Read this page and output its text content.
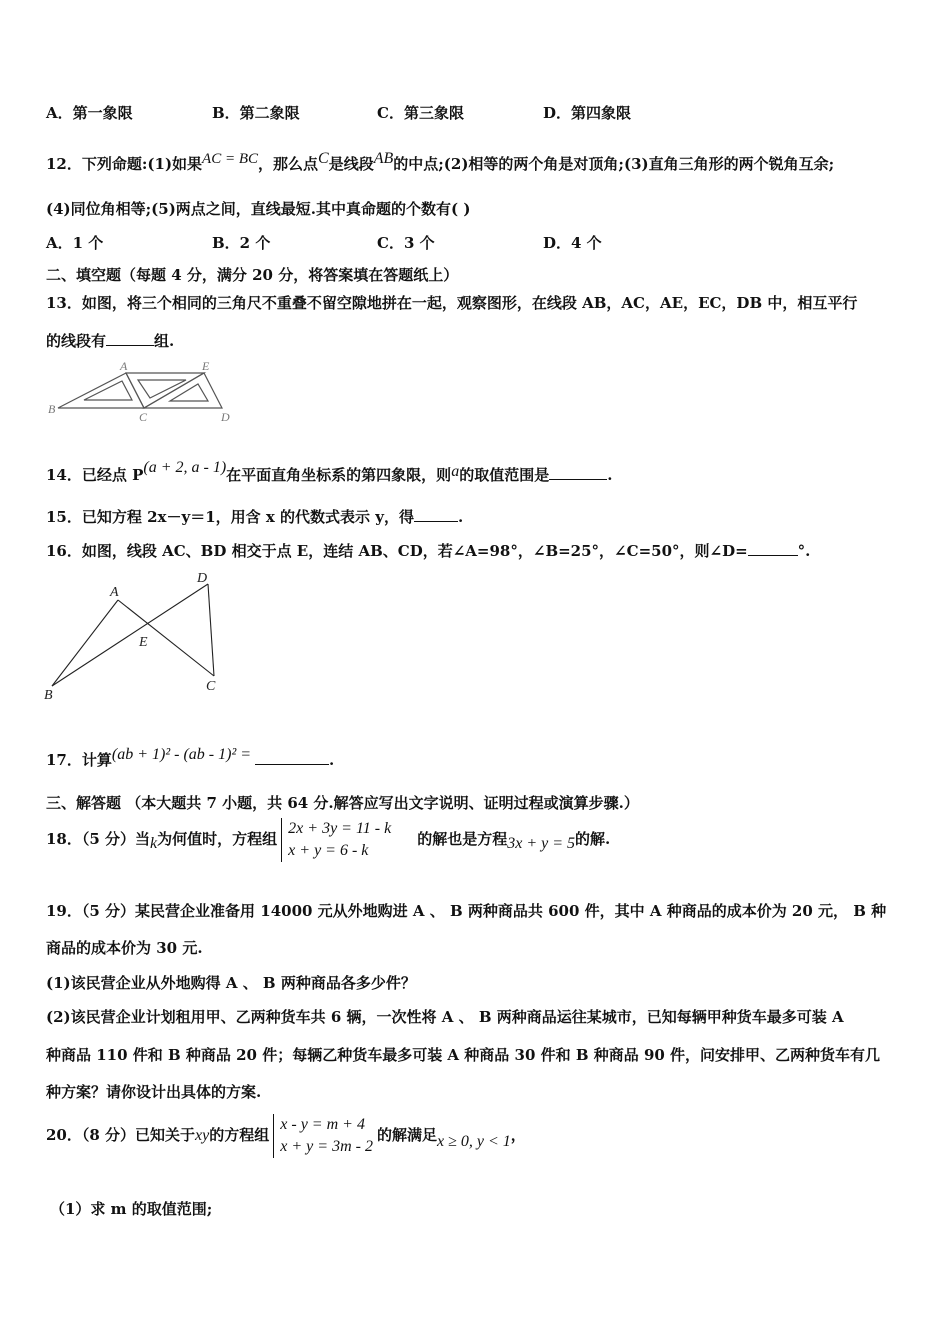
A．第一象限	B．第二象限	C．第三象限	D．第四象限
12．下列命题:(1)如果AC = BC，那么点C是线段AB的中点;(2)相等的两个角是对顶角;(3)直角三角形的两个锐角互余;
(4)同位角相等;(5)两点之间，直线最短.其中真命题的个数有( )
A．1 个	B．2 个	C．3 个	D．4 个
二、填空题（每题 4 分，满分 20 分，将答案填在答题纸上）
13．如图，将三个相同的三角尺不重叠不留空隙地拼在一起，观察图形，在线段 AB，AC，AE，EC，DB 中，相互平行
的线段有	组.
A	E
B
C	D
14．已经点 P(a + 2, a - 1)在平面直角坐标系的第四象限，则a的取值范围是	.
15．已知方程 2x－y＝1，用含 x 的代数式表示 y，得	.
16．如图，线段 AC、BD 相交于点 E，连结 AB、CD，若∠A=98°，∠B=25°，∠C=50°，则∠D=	°.
A
D
E
B
C
17．计算(ab + 1)² - (ab - 1)² =	.
三、解答题 （本大题共 7 小题，共 64 分.解答应写出文字说明、证明过程或演算步骤.）
18．（5 分）当k为何值时，方程组
2x + 3y = 11 - k
x + y = 6 - k
的解也是方程3x + y = 5的解.
19．（5 分）某民营企业准备用 14000 元从外地购进 A 、 B 两种商品共 600 件，其中 A 种商品的成本价为 20 元， B 种
商品的成本价为 30 元.
(1)该民营企业从外地购得 A 、 B 两种商品各多少件？
(2)该民营企业计划租用甲、乙两种货车共 6 辆，一次性将 A 、 B 两种商品运往某城市，已知每辆甲种货车最多可装 A
种商品 110 件和 B 种商品 20 件；每辆乙种货车最多可装 A 种商品 30 件和 B 种商品 90 件，问安排甲、乙两种货车有几
种方案？请你设计出具体的方案.
20．（8 分）已知关于xy的方程组
x - y = m + 4
x + y = 3m - 2
的解满足x ≥ 0, y < 1，
（1）求 m 的取值范围;
